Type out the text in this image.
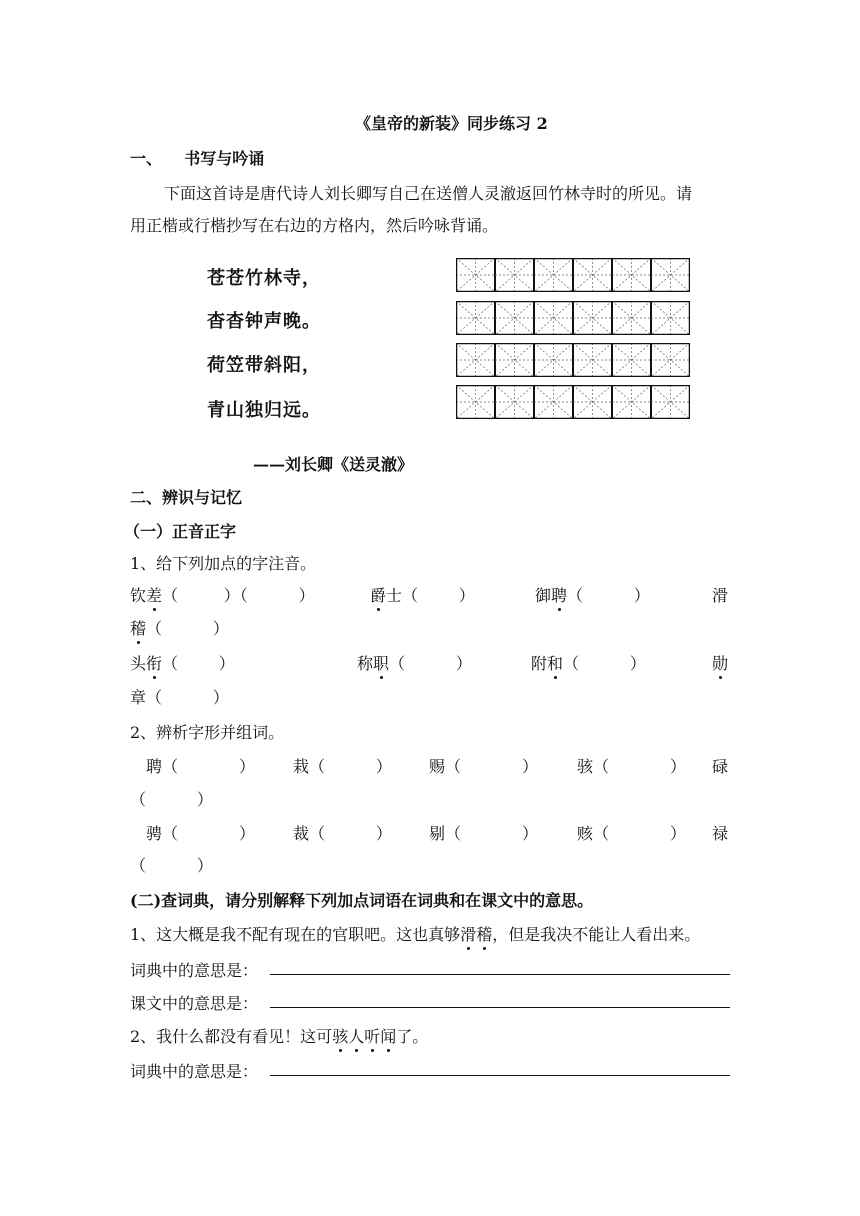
《皇帝的新装》同步练习 2
一、    书写与吟诵
下面这首诗是唐代诗人刘长卿写自己在送僧人灵澈返回竹林寺时的所见。请
用正楷或行楷抄写在右边的方格内，然后吟咏背诵。
苍苍竹林寺，
杳杳钟声晚。
荷笠带斜阳，
青山独归远。
——刘长卿《送灵澈》
二、辨识与记忆
（一）正音正字
1、给下列加点的字注音。
钦差（         ）（          ）	爵士（        ）	御聘（          ）	滑
稽（          ）
头衔（        ）	称职（          ）	附和（          ）	勋
章（          ）
2、辨析字形并组词。
聘（            ） 栽（          ） 赐（            ） 骇（            ） 碌
（          ）
骋（            ） 裁（          ） 剔（            ） 赅（            ） 禄
（          ）
(二)查词典，请分别解释下列加点词语在词典和在课文中的意思。
1、这大概是我不配有现在的官职吧。这也真够滑稽，但是我决不能让人看出来。
词典中的意思是：
课文中的意思是：
2、我什么都没有看见！这可骇人听闻了。
词典中的意思是：
